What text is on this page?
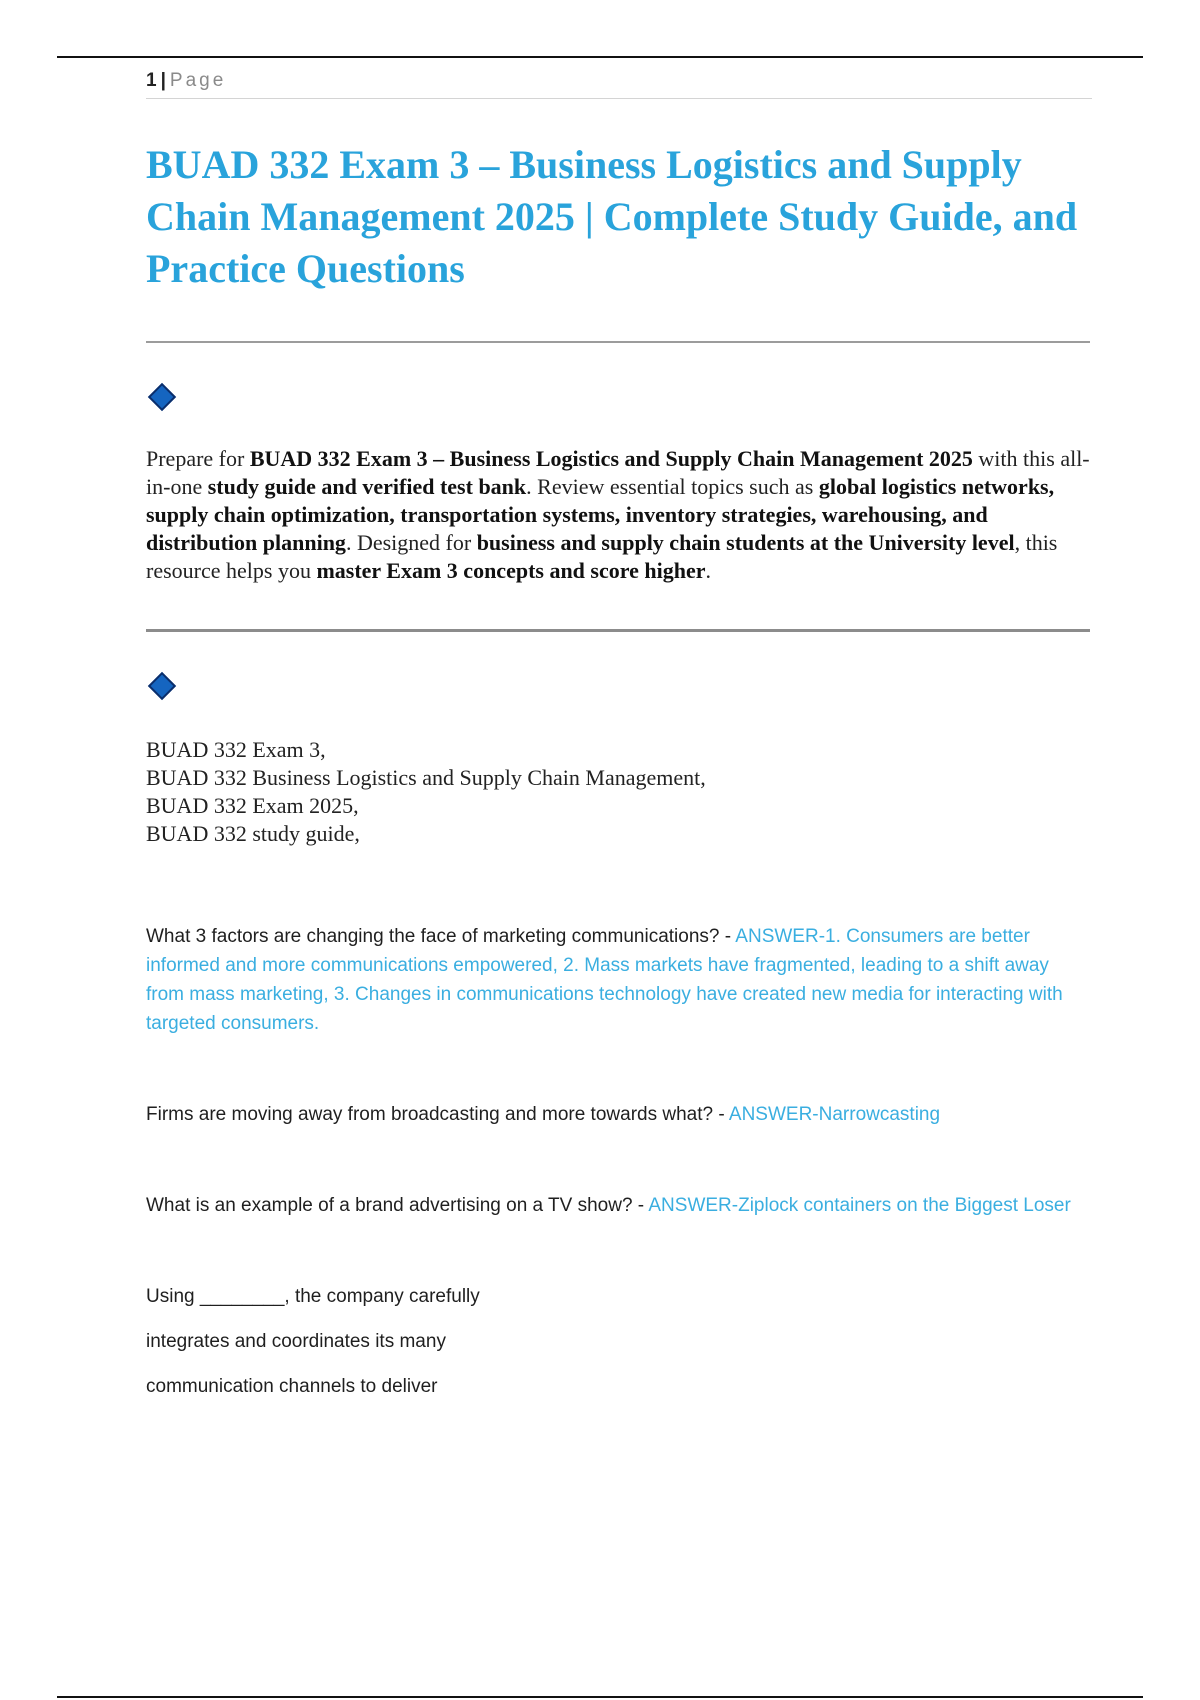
1 | Page
BUAD 332 Exam 3 – Business Logistics and Supply Chain Management 2025 | Complete Study Guide, and Practice Questions

Prepare for BUAD 332 Exam 3 – Business Logistics and Supply Chain Management 2025 with this all-in-one study guide and verified test bank. Review essential topics such as global logistics networks, supply chain optimization, transportation systems, inventory strategies, warehousing, and distribution planning. Designed for business and supply chain students at the University level, this resource helps you master Exam 3 concepts and score higher.

BUAD 332 Exam 3,
BUAD 332 Business Logistics and Supply Chain Management,
BUAD 332 Exam 2025,
BUAD 332 study guide,
What 3 factors are changing the face of marketing communications? - ANSWER-1. Consumers are better informed and more communications empowered, 2. Mass markets have fragmented, leading to a shift away from mass marketing, 3. Changes in communications technology have created new media for interacting with targeted consumers.
Firms are moving away from broadcasting and more towards what? - ANSWER-Narrowcasting
What is an example of a brand advertising on a TV show? - ANSWER-Ziplock containers on the Biggest Loser
Using ________, the company carefully
integrates and coordinates its many
communication channels to deliver
